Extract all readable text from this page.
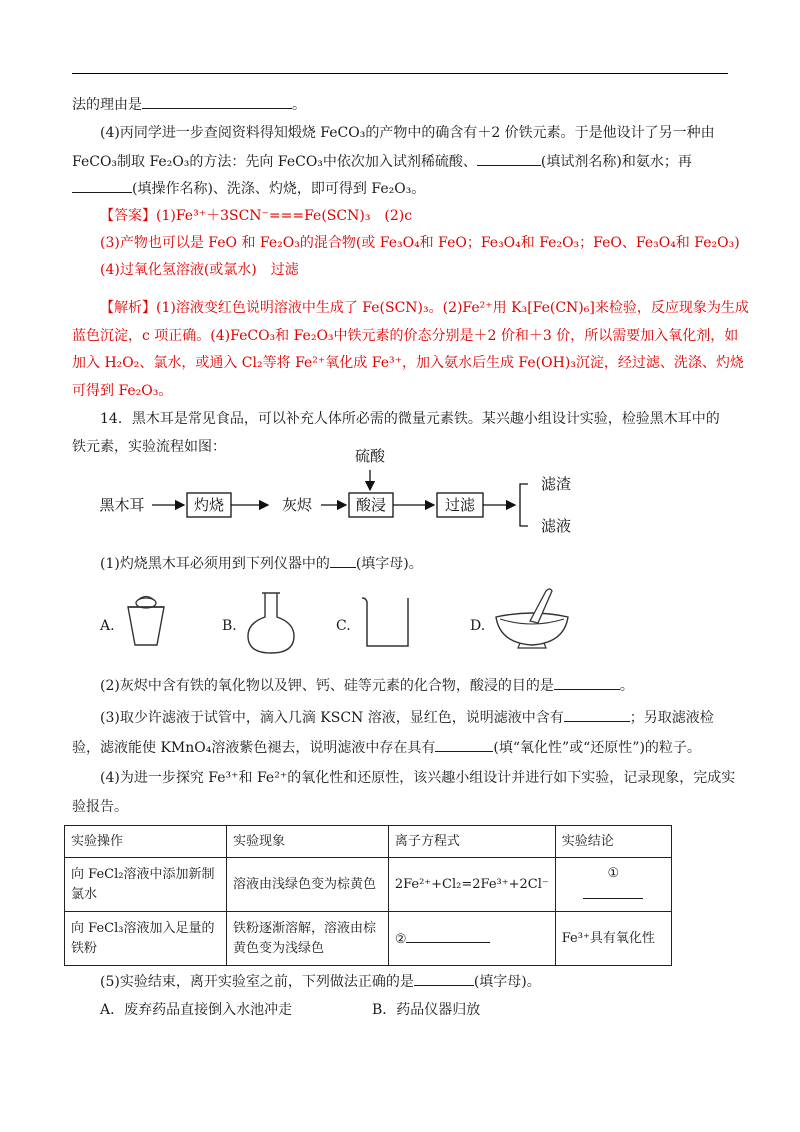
法的理由是	。
(4)丙同学进一步查阅资料得知煅烧 FeCO₃的产物中的确含有＋2 价铁元素。于是他设计了另一种由
FeCO₃制取 Fe₂O₃的方法：先向 FeCO₃中依次加入试剂稀硫酸、	(填试剂名称)和氨水；再
(填操作名称)、洗涤、灼烧，即可得到 Fe₂O₃。
【答案】(1)Fe³⁺＋3SCN⁻===Fe(SCN)₃　(2)c
(3)产物也可以是 FeO 和 Fe₂O₃的混合物(或 Fe₃O₄和 FeO；Fe₃O₄和 Fe₂O₃；FeO、Fe₃O₄和 Fe₂O₃)
(4)过氧化氢溶液(或氯水)　过滤
【解析】(1)溶液变红色说明溶液中生成了 Fe(SCN)₃。(2)Fe²⁺用 K₃[Fe(CN)₆]来检验，反应现象为生成
蓝色沉淀，c 项正确。(4)FeCO₃和 Fe₂O₃中铁元素的价态分别是＋2 价和＋3 价，所以需要加入氧化剂，如
加入 H₂O₂、氯水，或通入 Cl₂等将 Fe²⁺氧化成 Fe³⁺，加入氨水后生成 Fe(OH)₃沉淀，经过滤、洗涤、灼烧
可得到 Fe₂O₃。
14．黑木耳是常见食品，可以补充人体所必需的微量元素铁。某兴趣小组设计实验，检验黑木耳中的
铁元素，实验流程如图：	硫酸
黑木耳	灼烧	灰烬	酸浸	过滤
滤渣
滤液
(1)灼烧黑木耳必须用到下列仪器中的 (填字母)。
A.	B.	C.	D.
(2)灰烬中含有铁的氧化物以及钾、钙、硅等元素的化合物，酸浸的目的是	。
(3)取少许滤液于试管中，滴入几滴 KSCN 溶液，显红色，说明滤液中含有	；另取滤液检
验，滤液能使 KMnO₄溶液紫色褪去，说明滤液中存在具有	(填“氧化性”或“还原性”)的粒子。
(4)为进一步探究 Fe³⁺和 Fe²⁺的氧化性和还原性，该兴趣小组设计并进行如下实验，记录现象，完成实
验报告。
实验操作	实验现象	离子方程式	实验结论
向 FeCl₂溶液中添加新制氯水	溶液由浅绿色变为棕黄色	2Fe²⁺+Cl₂=2Fe³⁺+2Cl⁻	①

向 FeCl₃溶液加入足量的铁粉	铁粉逐渐溶解，溶液由棕黄色变为浅绿色	②	Fe³⁺具有氧化性
(5)实验结束，离开实验室之前，下列做法正确的是	(填字母)。
A．废弃药品直接倒入水池冲走	B．药品仪器归放
